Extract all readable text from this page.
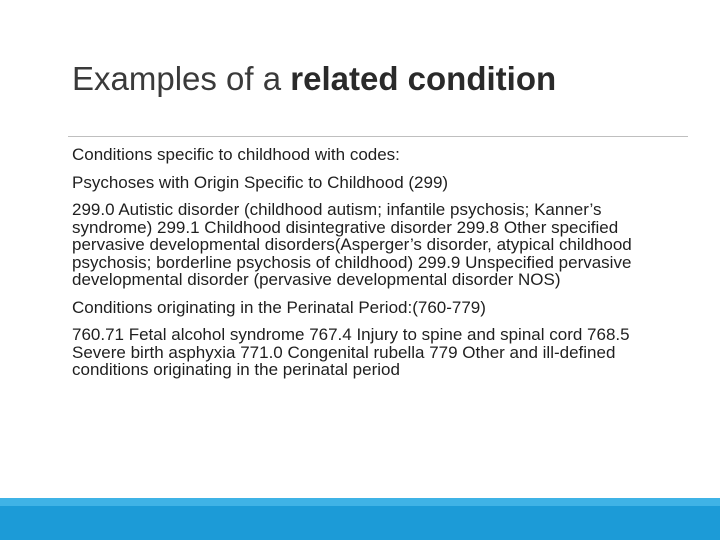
Examples of a related condition

Conditions specific to childhood with codes:

Psychoses with Origin Specific to Childhood (299)

299.0 Autistic disorder (childhood autism; infantile psychosis; Kanner’s syndrome) 299.1 Childhood disintegrative disorder 299.8 Other specified pervasive developmental disorders(Asperger’s disorder, atypical childhood psychosis; borderline psychosis of childhood) 299.9 Unspecified pervasive developmental disorder (pervasive developmental disorder NOS)

Conditions originating in the Perinatal Period:(760-779)

760.71 Fetal alcohol syndrome 767.4 Injury to spine and spinal cord 768.5 Severe birth asphyxia 771.0 Congenital rubella 779 Other and ill-defined conditions originating in the perinatal period
